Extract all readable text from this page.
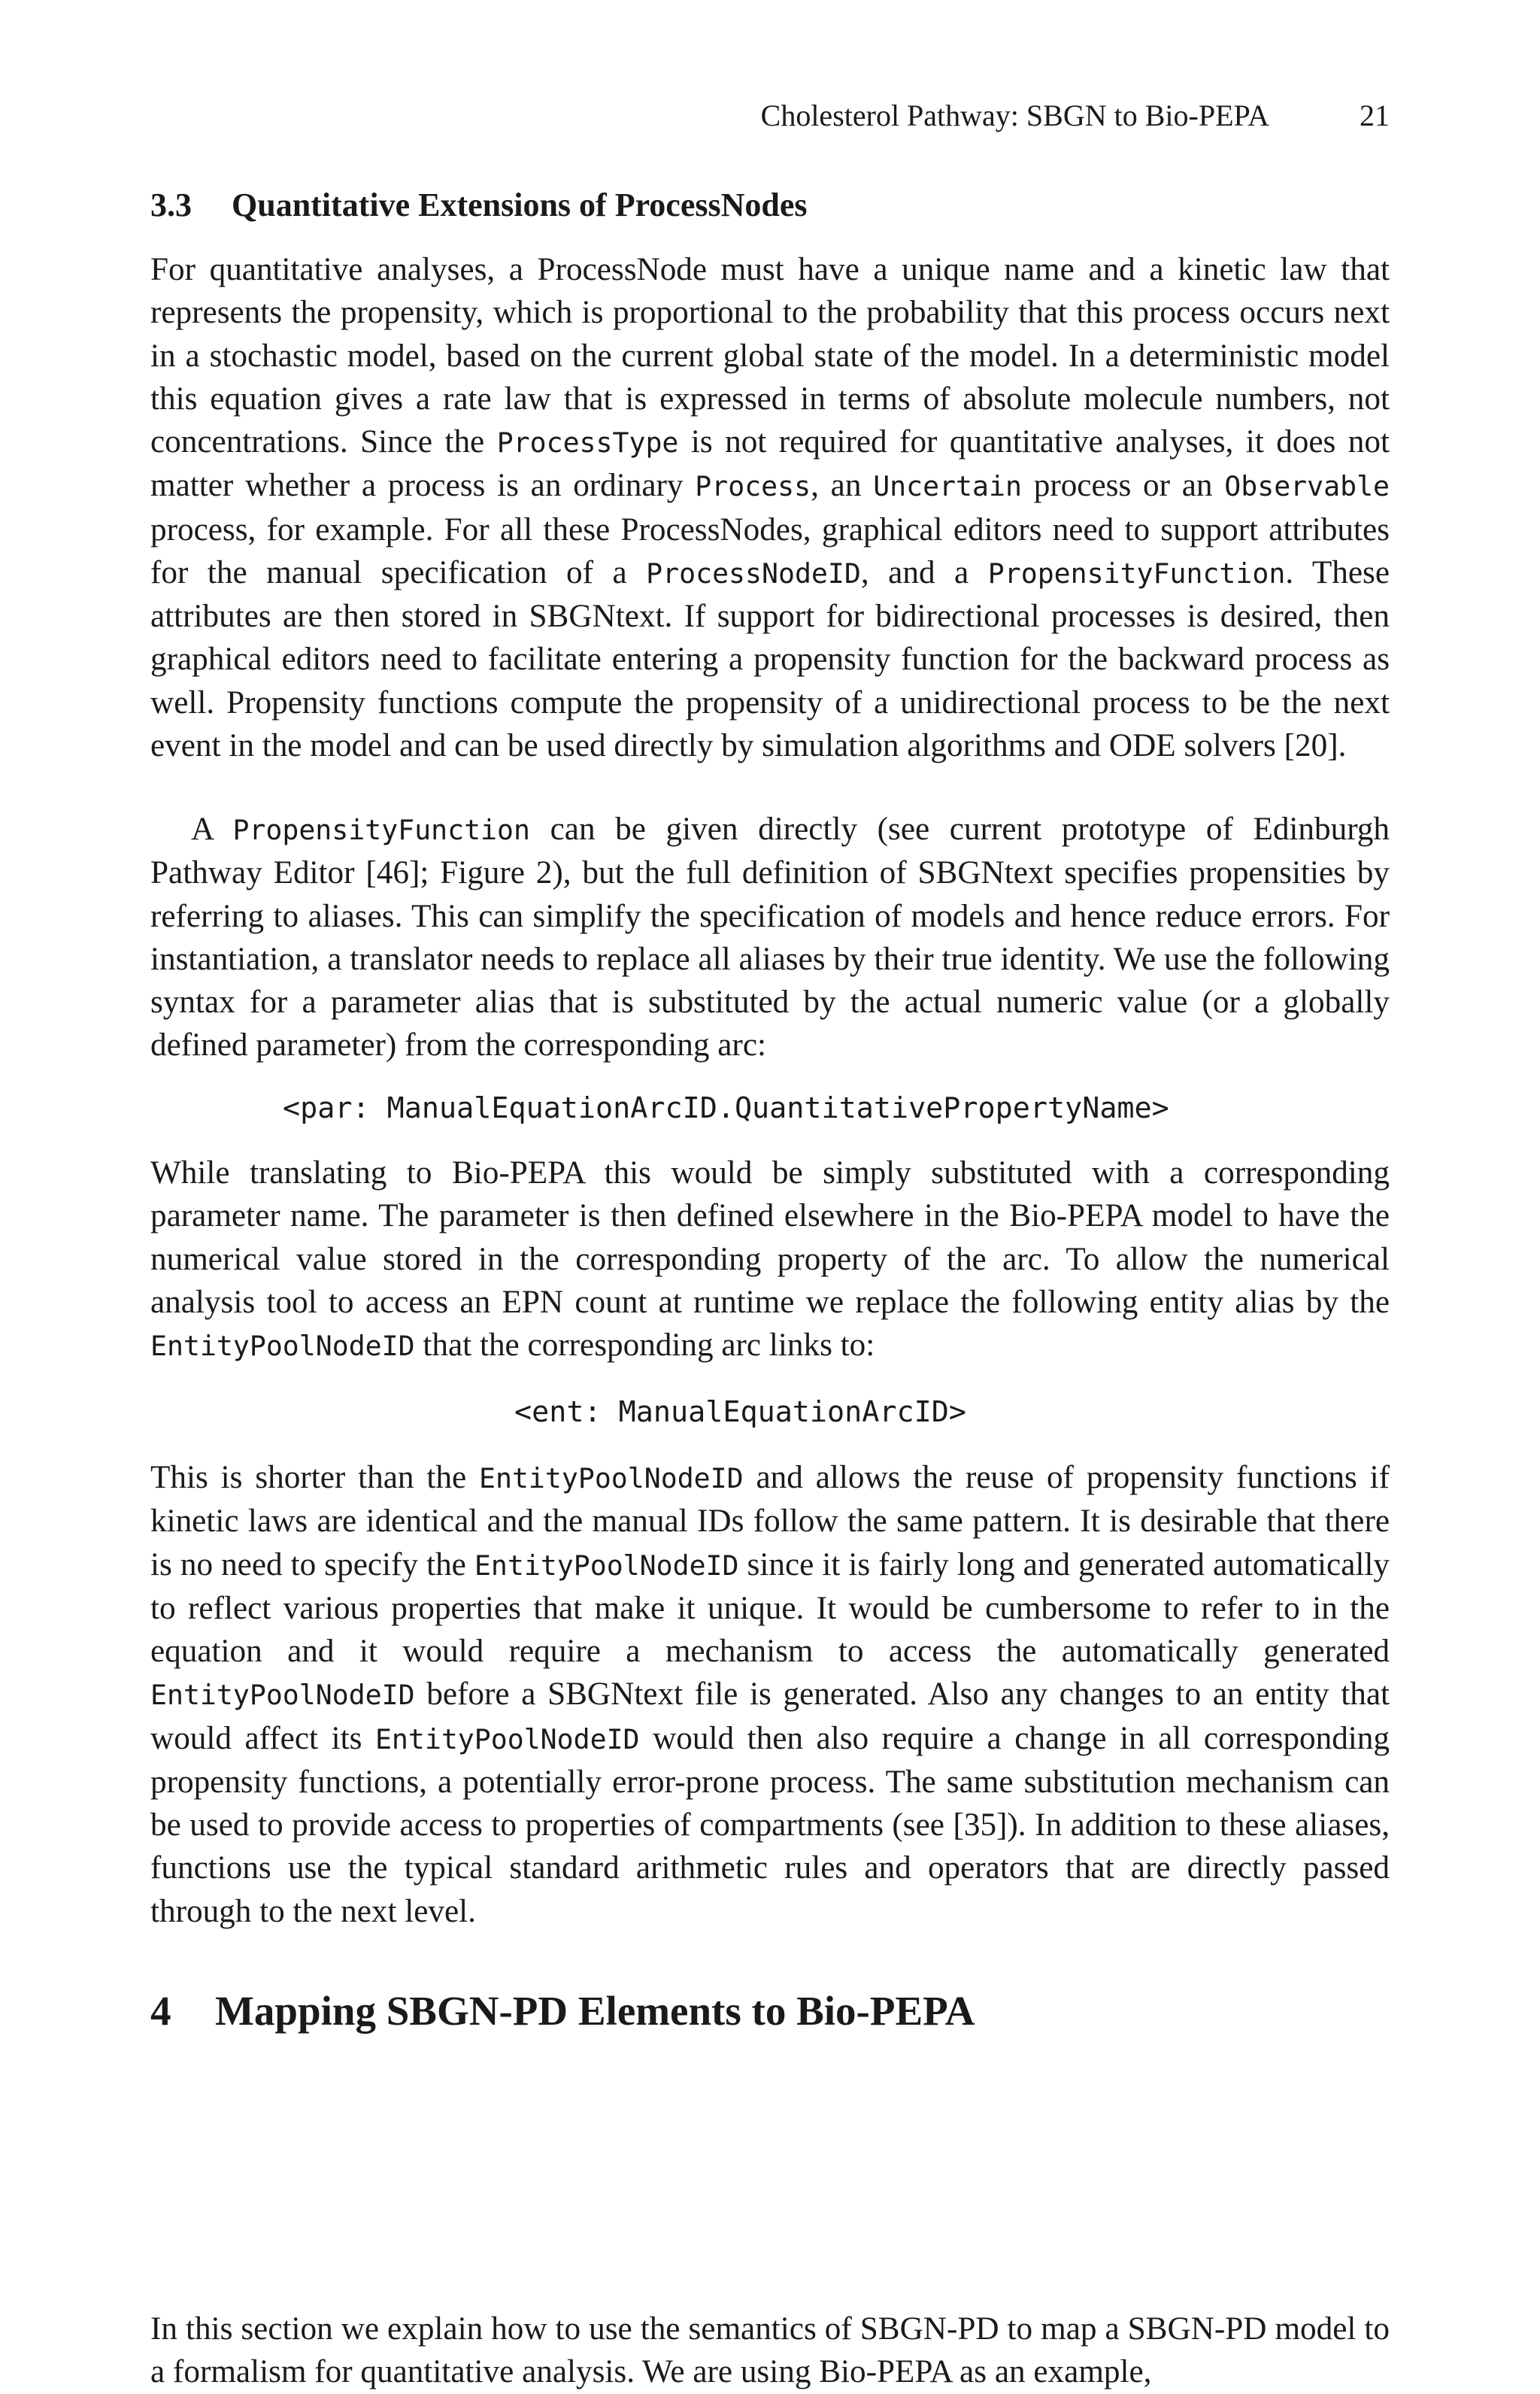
Cholesterol Pathway: SBGN to Bio-PEPA	21
3.3 Quantitative Extensions of ProcessNodes

For quantitative analyses, a ProcessNode must have a unique name and a kinetic law that represents the propensity, which is proportional to the probability that this process occurs next in a stochastic model, based on the current global state of the model. In a deterministic model this equation gives a rate law that is expressed in terms of absolute molecule numbers, not concentrations. Since the ProcessType is not required for quantitative analyses, it does not matter whether a process is an ordinary Process, an Uncertain process or an Observable process, for example. For all these ProcessNodes, graphical editors need to support attributes for the manual specification of a ProcessNodeID, and a PropensityFunction. These attributes are then stored in SBGNtext. If support for bidirectional processes is desired, then graphical editors need to facilitate entering a propensity function for the backward process as well. Propensity functions compute the propensity of a unidirectional process to be the next event in the model and can be used directly by simulation algorithms and ODE solvers [20].

A PropensityFunction can be given directly (see current prototype of Edinburgh Pathway Editor [46]; Figure 2), but the full definition of SBGNtext specifies propensities by referring to aliases. This can simplify the specification of models and hence reduce errors. For instantiation, a translator needs to replace all aliases by their true identity. We use the following syntax for a parameter alias that is substituted by the actual numeric value (or a globally defined parameter) from the corresponding arc:

<par: ManualEquationArcID.QuantitativePropertyName>

While translating to Bio-PEPA this would be simply substituted with a corresponding parameter name. The parameter is then defined elsewhere in the Bio-PEPA model to have the numerical value stored in the corresponding property of the arc. To allow the numerical analysis tool to access an EPN count at runtime we replace the following entity alias by the EntityPoolNodeID that the corresponding arc links to:

<ent: ManualEquationArcID>

This is shorter than the EntityPoolNodeID and allows the reuse of propensity functions if kinetic laws are identical and the manual IDs follow the same pattern. It is desirable that there is no need to specify the EntityPoolNodeID since it is fairly long and generated automatically to reflect various properties that make it unique. It would be cumbersome to refer to in the equation and it would require a mechanism to access the automatically generated EntityPoolNodeID before a SBGNtext file is generated. Also any changes to an entity that would affect its EntityPoolNodeID would then also require a change in all corresponding propensity functions, a potentially error-prone process. The same substitution mechanism can be used to provide access to properties of compartments (see [35]). In addition to these aliases, functions use the typical standard arithmetic rules and operators that are directly passed through to the next level.

4 Mapping SBGN-PD Elements to Bio-PEPA

In this section we explain how to use the semantics of SBGN-PD to map a SBGN-PD model to a formalism for quantitative analysis. We are using Bio-PEPA as an example,
